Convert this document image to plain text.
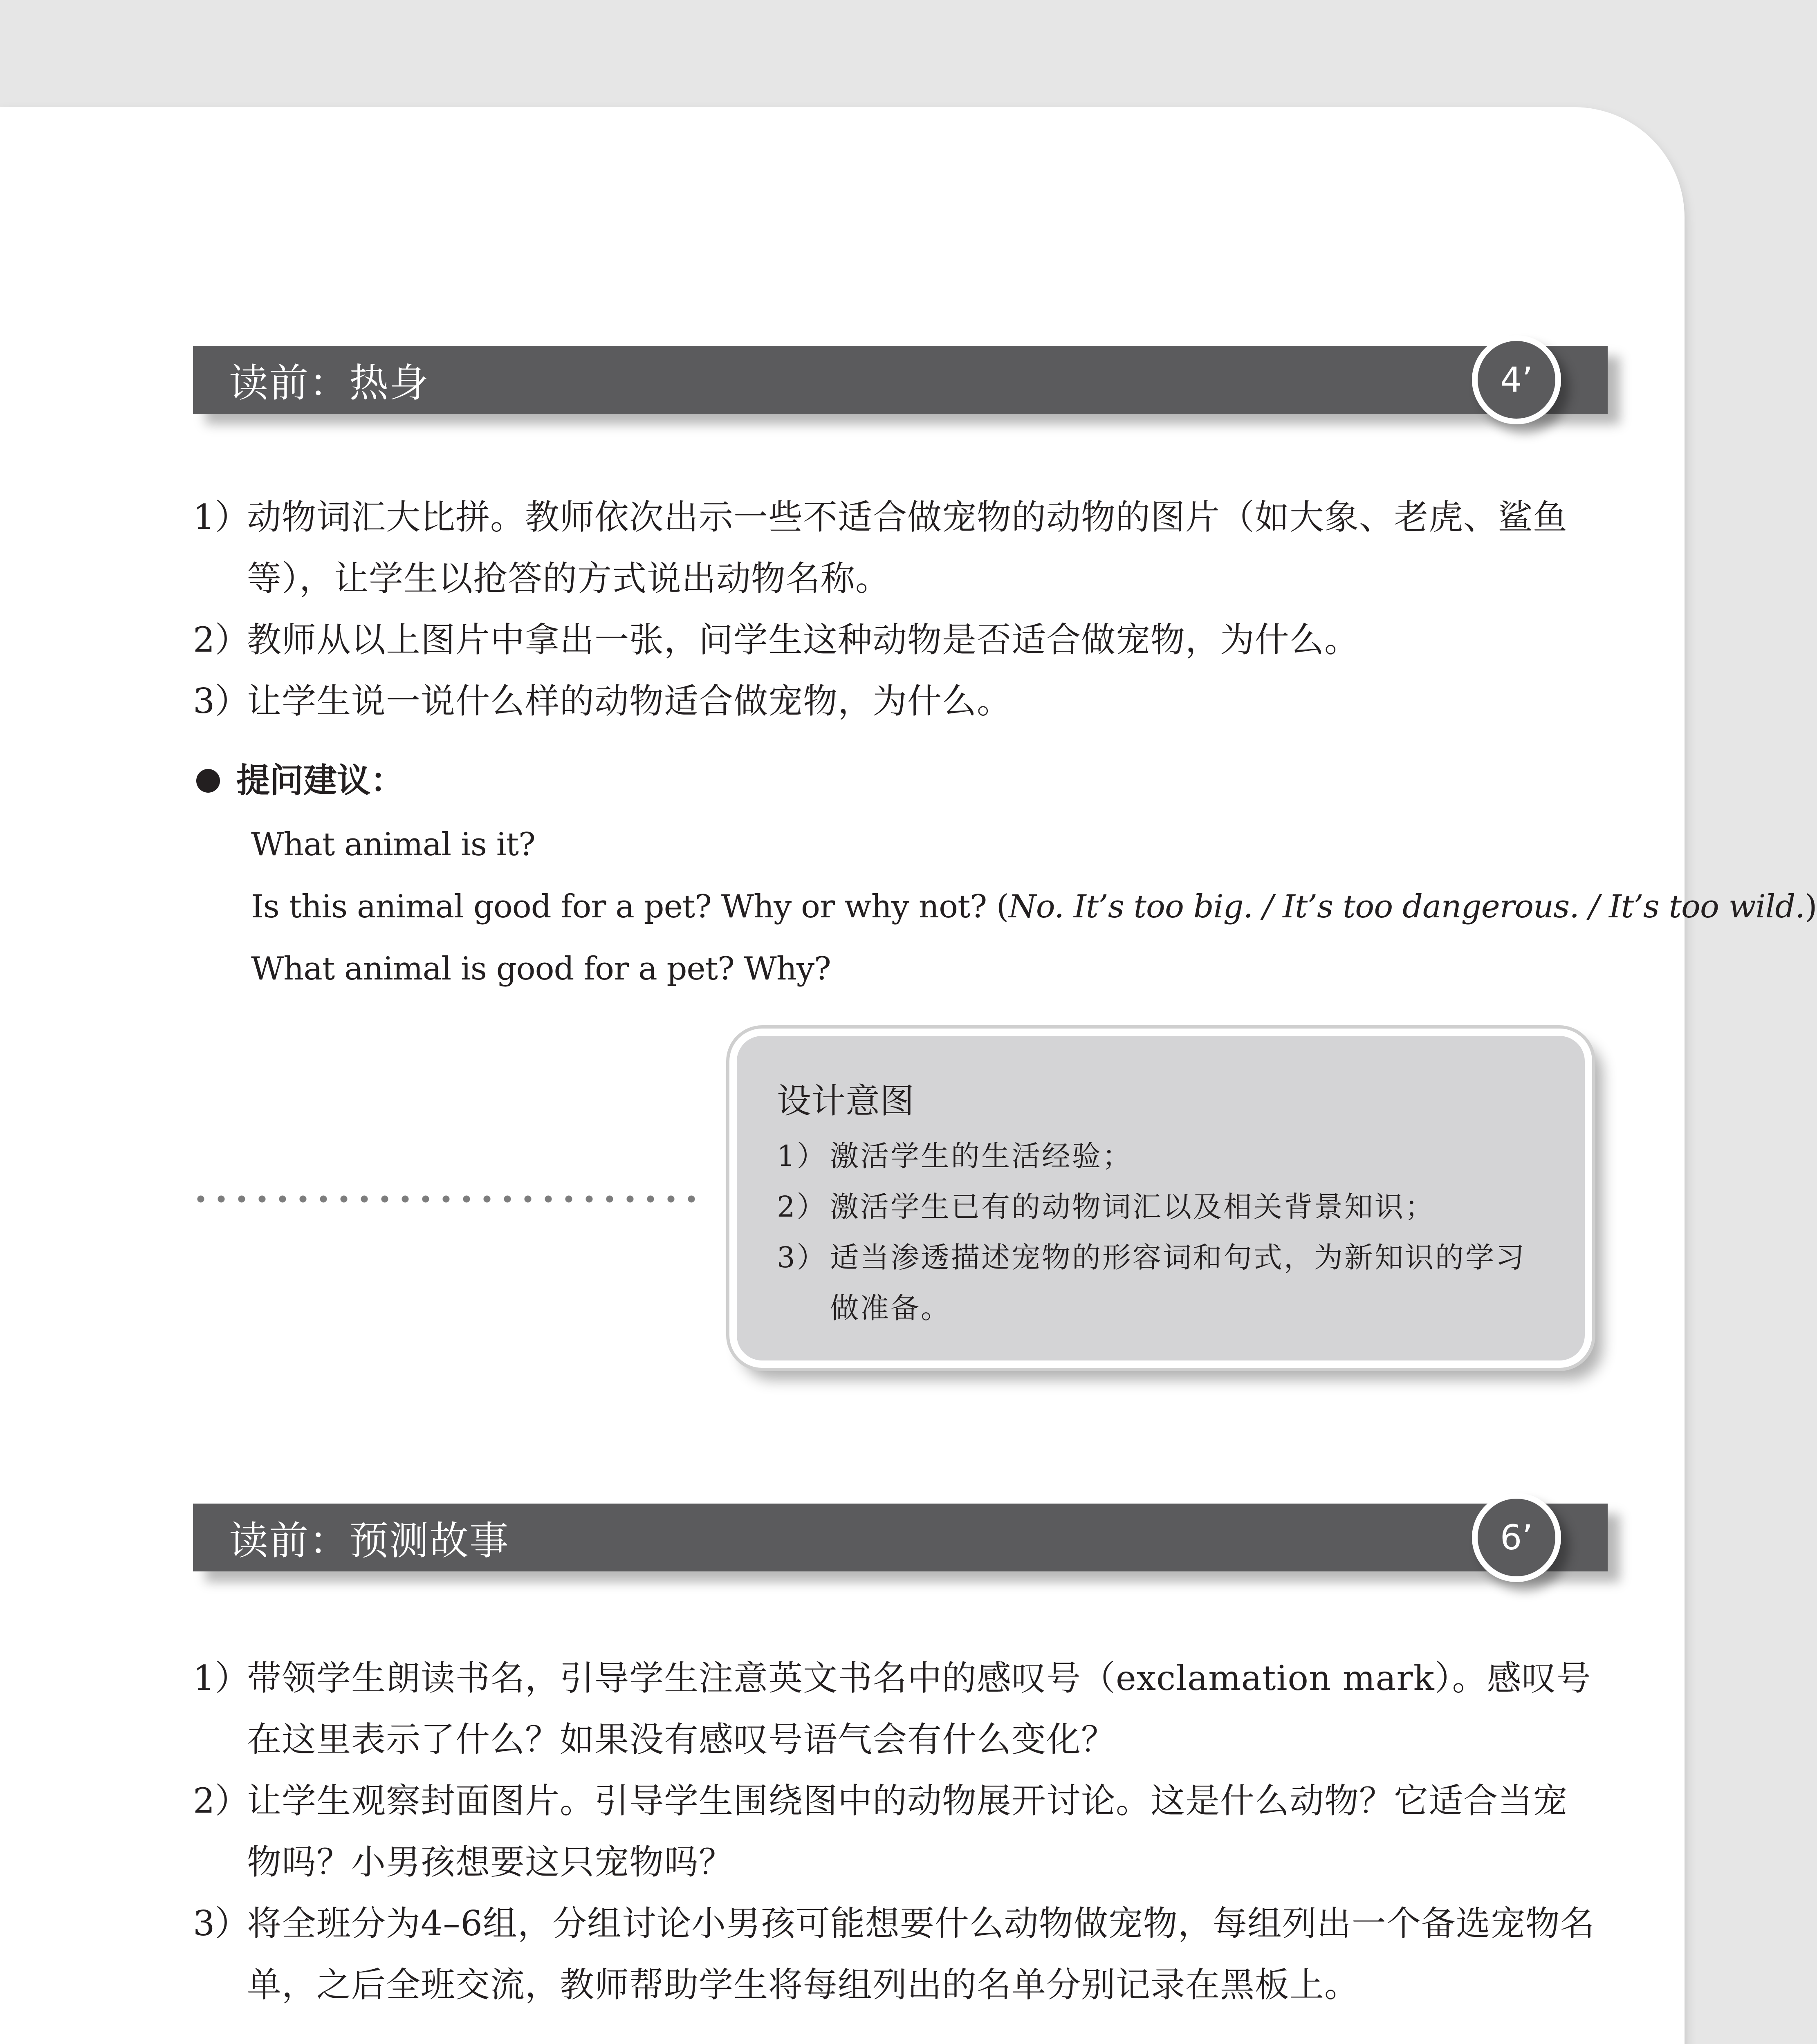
读前：热身	4’
1）
动物词汇大比拼。教师依次出示一些不适合做宠物的动物的图片（如大象、老虎、鲨鱼等），让学生以抢答的方式说出动物名称。
2）
教师从以上图片中拿出一张，问学生这种动物是否适合做宠物，为什么。
3）
让学生说一说什么样的动物适合做宠物，为什么。
提问建议：
What animal is it?
Is this animal good for a pet? Why or why not? (No. It’s too big. / It’s too dangerous. / It’s too wild.)
What animal is good for a pet? Why?
设计意图
1） 激活学生的生活经验；
2） 激活学生已有的动物词汇以及相关背景知识；
3） 适当渗透描述宠物的形容词和句式，为新知识的学习做准备。
读前：预测故事	6’
1）
带领学生朗读书名，引导学生注意英文书名中的感叹号（exclamation mark）。感叹号在这里表示了什么？如果没有感叹号语气会有什么变化？
2）
让学生观察封面图片。引导学生围绕图中的动物展开讨论。这是什么动物？它适合当宠物吗？小男孩想要这只宠物吗？
3）
将全班分为4–6组，分组讨论小男孩可能想要什么动物做宠物，每组列出一个备选宠物名单，之后全班交流，教师帮助学生将每组列出的名单分别记录在黑板上。
